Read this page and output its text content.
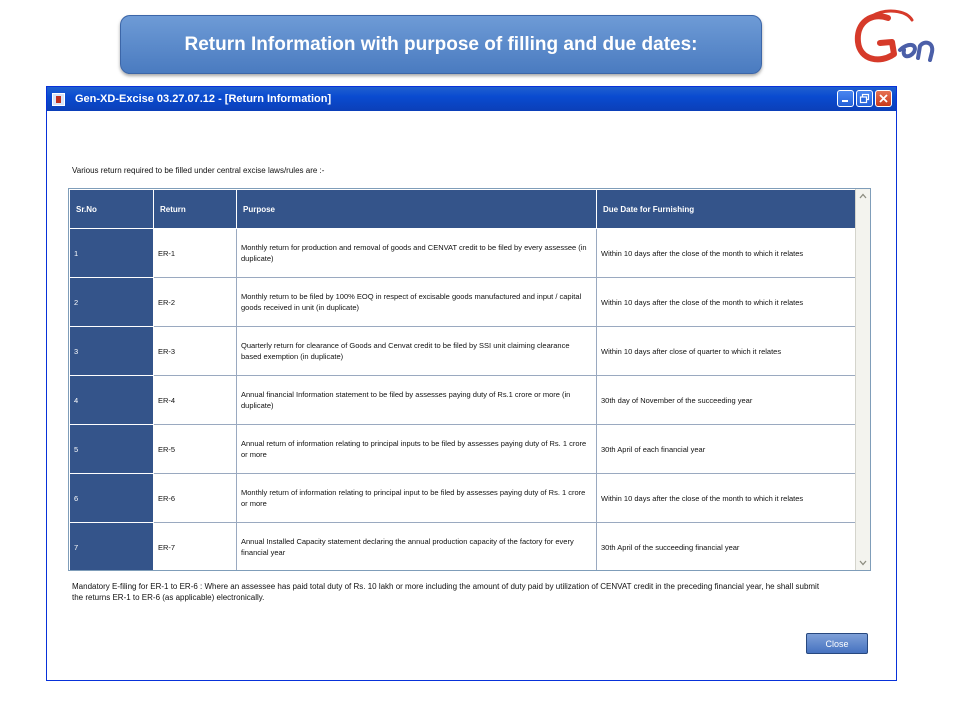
Return Information with purpose of filling and due dates:
Gen-XD-Excise 03.27.07.12 - [Return Information]
Various return required to be filled under central excise laws/rules are :-
Sr.No	Return	Purpose	Due Date for Furnishing
1	ER-1	Monthly return for production and removal of goods and CENVAT credit to be filed by every assessee (in duplicate)	Within 10 days after the close of the month to which it relates
2	ER-2	Monthly return to be filed by 100% EOQ in respect of excisable goods manufactured and input / capital goods received in unit (in duplicate)	Within 10 days after the close of the month to which it relates
3	ER-3	Quarterly return for clearance of Goods and Cenvat credit to be filed by SSI unit claiming clearance based exemption (in duplicate)	Within 10 days after close of quarter to which it relates
4	ER-4	Annual financial Information statement to be filed by assesses paying duty of Rs.1 crore or more (in duplicate)	30th day of November of the succeeding year
5	ER-5	Annual return of information relating to principal inputs to be filed by assesses paying duty of Rs. 1 crore or more	30th April of each financial year
6	ER-6	Monthly return of information relating to principal input to be filed by assesses paying duty of Rs. 1 crore or more	Within 10 days after the close of the month to which it relates
7	ER-7	Annual Installed Capacity statement declaring the annual production capacity of the factory for every financial year	30th April of the succeeding financial year
Mandatory E-filing for ER-1 to ER-6 : Where an assessee has paid total duty of Rs. 10 lakh or more including the amount of duty paid by utilization of CENVAT credit in the preceding financial year, he shall submit the returns ER-1 to ER-6 (as applicable) electronically.
Close
